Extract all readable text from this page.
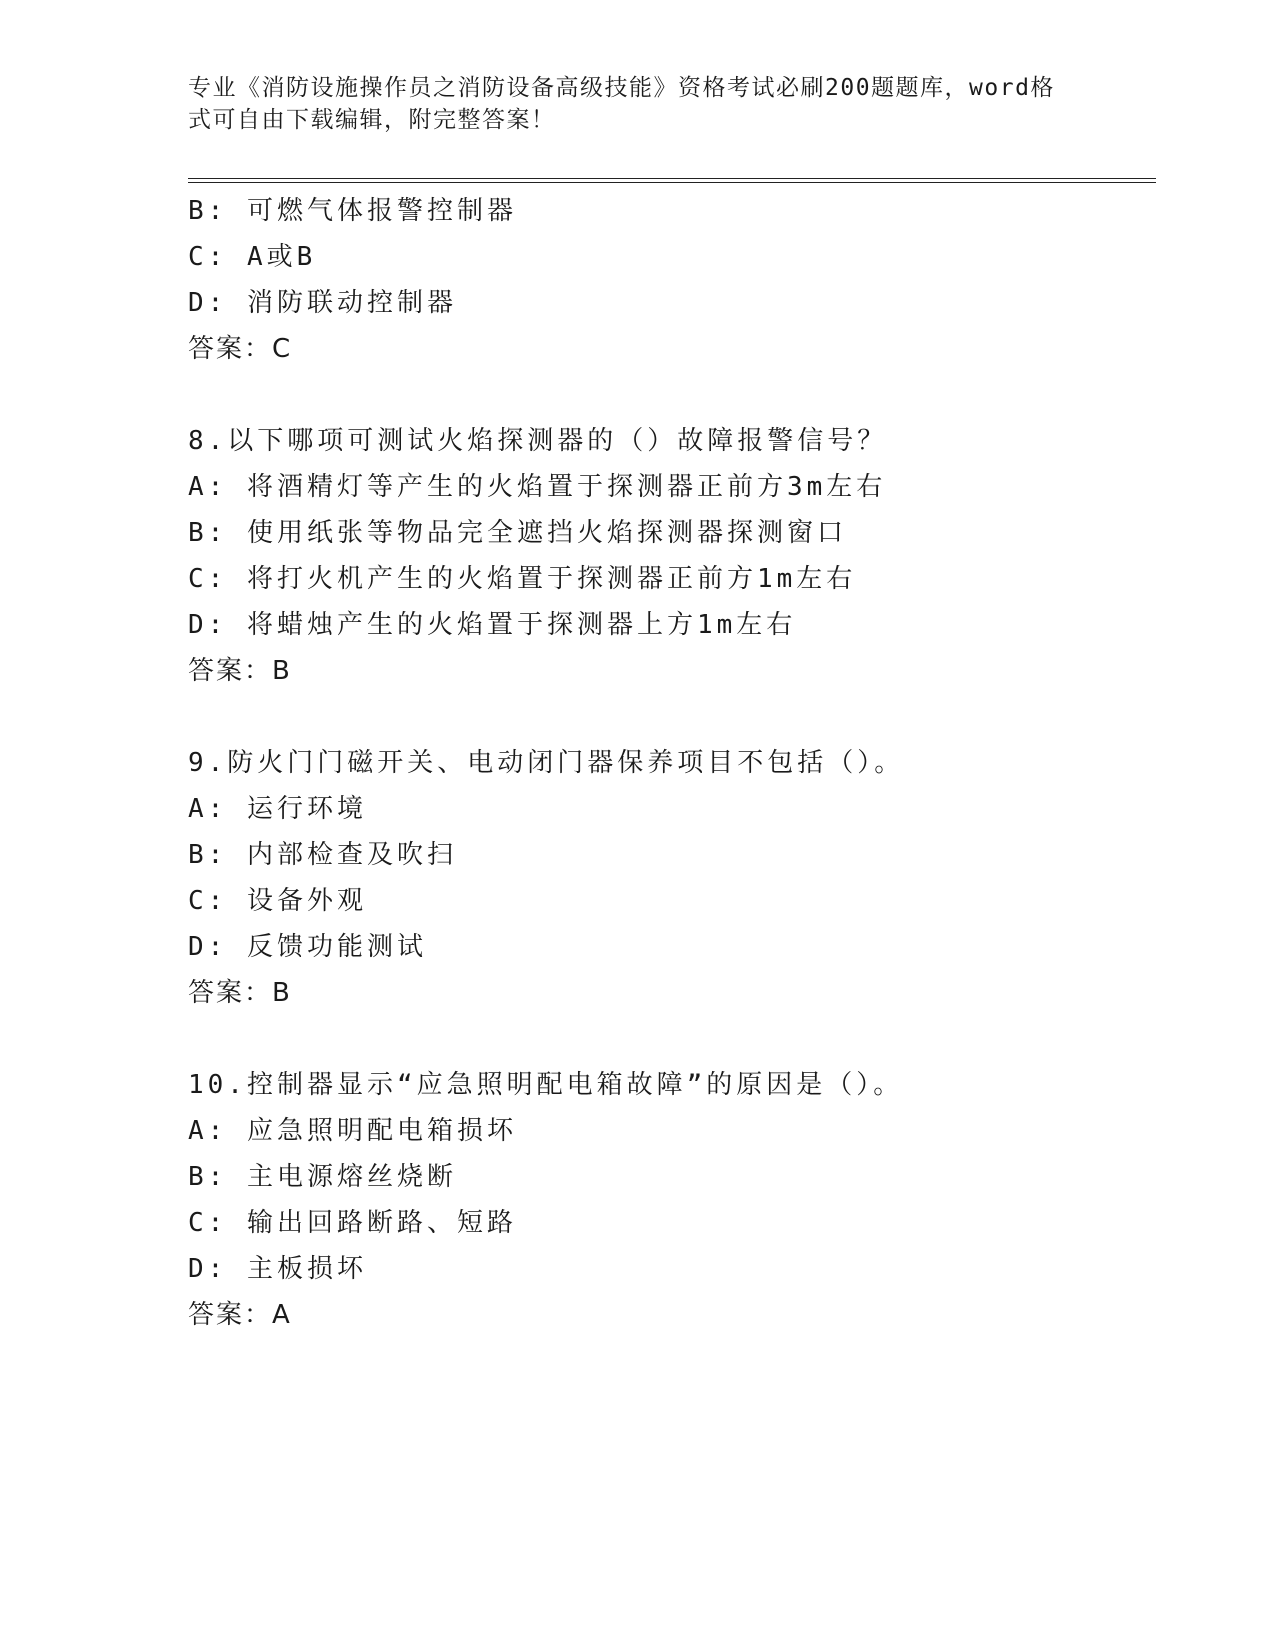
专业《消防设施操作员之消防设备高级技能》资格考试必刷200题题库，word格
式可自由下载编辑，附完整答案！
B: 可燃气体报警控制器
C: A或B
D: 消防联动控制器
答案：C
8.以下哪项可测试火焰探测器的（）故障报警信号？
A: 将酒精灯等产生的火焰置于探测器正前方3m左右
B: 使用纸张等物品完全遮挡火焰探测器探测窗口
C: 将打火机产生的火焰置于探测器正前方1m左右
D: 将蜡烛产生的火焰置于探测器上方1m左右
答案：B
9.防火门门磁开关、电动闭门器保养项目不包括（）。
A: 运行环境
B: 内部检查及吹扫
C: 设备外观
D: 反馈功能测试
答案：B
10.控制器显示“应急照明配电箱故障”的原因是（）。
A: 应急照明配电箱损坏
B: 主电源熔丝烧断
C: 输出回路断路、短路
D: 主板损坏
答案：A
